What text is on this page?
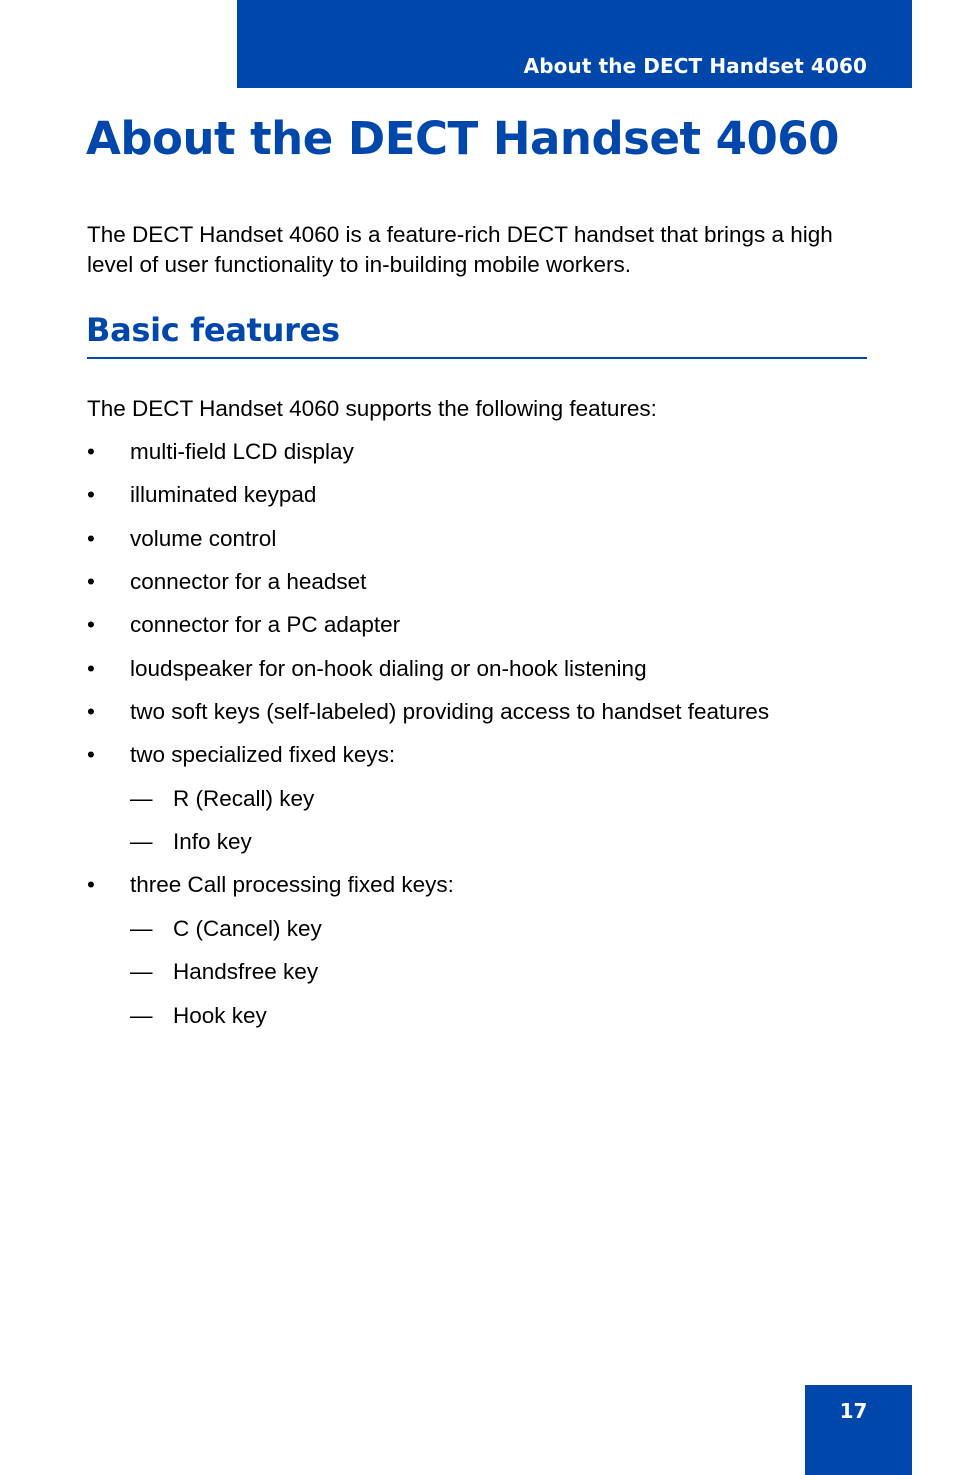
About the DECT Handset 4060
About the DECT Handset 4060

The DECT Handset 4060 is a feature-rich DECT handset that brings a high level of user functionality to in-building mobile workers.

Basic features

The DECT Handset 4060 supports the following features:

• multi-field LCD display
• illuminated keypad
• volume control
• connector for a headset
• connector for a PC adapter
• loudspeaker for on-hook dialing or on-hook listening
• two soft keys (self-labeled) providing access to handset features
• two specialized fixed keys:
— R (Recall) key
— Info key
• three Call processing fixed keys:
— C (Cancel) key
— Handsfree key
— Hook key
17
